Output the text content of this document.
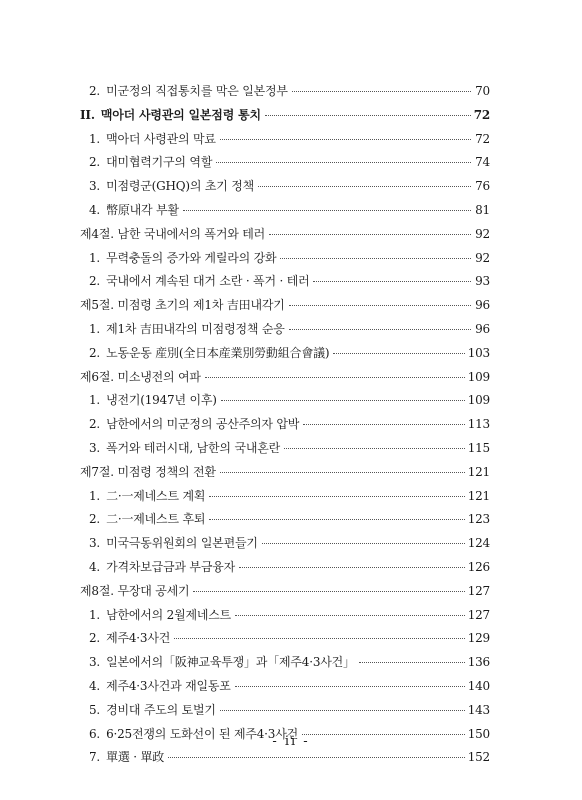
2. 미군정의 직접통치를 막은 일본정부	70
II. 맥아더 사령관의 일본점령 통치	72
1. 맥아더 사령관의 막료	72
2. 대미협력기구의 역할	74
3. 미점령군(GHQ)의 초기 정책	76
4. 幣原내각 부활	81
제4절. 남한 국내에서의 폭거와 테러	92
1. 무력충돌의 증가와 게릴라의 강화	92
2. 국내에서 계속된 대거 소란 · 폭거 · 테러	93
제5절. 미점령 초기의 제1차 吉田내각기	96
1. 제1차 吉田내각의 미점령정책 순응	96
2. 노동운동 産別(全日本産業別勞動組合會議)	103
제6절. 미소냉전의 여파	109
1. 냉전기(1947년 이후)	109
2. 남한에서의 미군정의 공산주의자 압박	113
3. 폭거와 테러시대, 남한의 국내혼란	115
제7절. 미점령 정책의 전환	121
1. 二·一제네스트 계획	121
2. 二·一제네스트 후퇴	123
3. 미국극동위원회의 일본편들기	124
4. 가격차보급금과 부금융자	126
제8절. 무장대 공세기	127
1. 남한에서의 2월제네스트	127
2. 제주4·3사건	129
3. 일본에서의「阪神교육투쟁」과「제주4·3사건」	136
4. 제주4·3사건과 재일동포	140
5. 경비대 주도의 토벌기	143
6. 6·25전쟁의 도화선이 된 제주4·3사건	150
7. 單選 · 單政	152
- ii -
